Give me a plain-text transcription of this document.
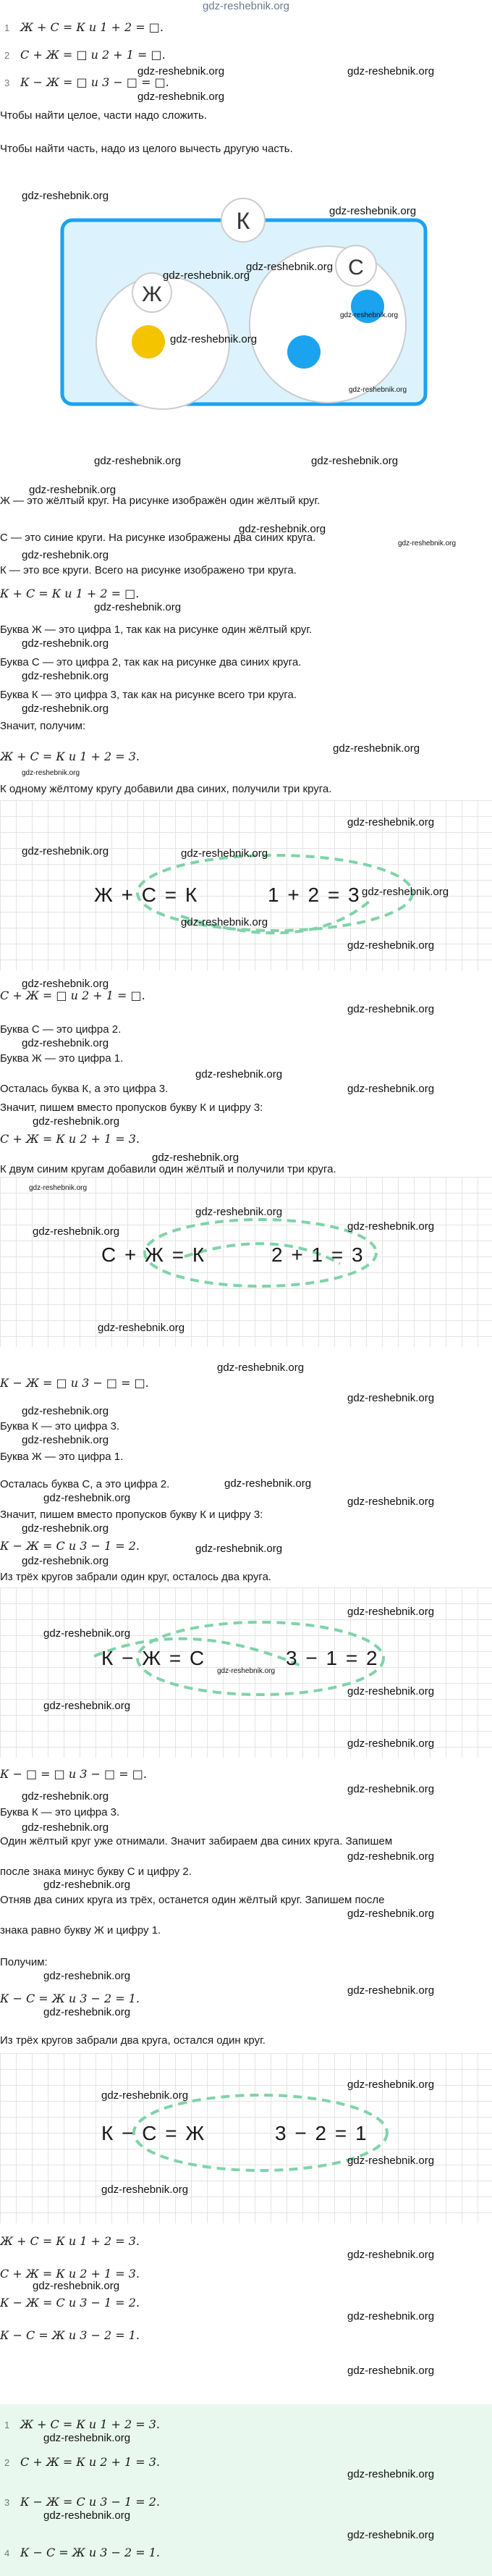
gdz-reshebnik.org
1 Ж + С = К и 1 + 2 = □.
2 С + Ж = □ и 2 + 1 = □.
3 К − Ж = □ и 3 − □ = □.
Чтобы найти целое, части надо сложить.
Чтобы найти часть, надо из целого вычесть другую часть.
gdz-reshebnik.org	gdz-reshebnik.org
gdz-reshebnik.org
gdz-reshebnik.org
gdz-reshebnik.org
К
Ж
С
gdz-reshebnik.org
gdz-reshebnik.org
gdz-reshebnik.org
gdz-reshebnik.org
gdz-reshebnik.org
gdz-reshebnik.org	gdz-reshebnik.org
gdz-reshebnik.org
Ж — это жёлтый круг. На рисунке изображён один жёлтый круг.
gdz-reshebnik.org
С — это синие круги. На рисунке изображены два синих круга.	gdz-reshebnik.org
gdz-reshebnik.org
К — это все круги. Всего на рисунке изображено три круга.
К + С = К и 1 + 2 = □.
gdz-reshebnik.org
Буква Ж — это цифра 1, так как на рисунке один жёлтый круг.
gdz-reshebnik.org
Буква С — это цифра 2, так как на рисунке два синих круга.
gdz-reshebnik.org
Буква К — это цифра 3, так как на рисунке всего три круга.
gdz-reshebnik.org
Значит, получим:
gdz-reshebnik.org
Ж + С = К и 1 + 2 = 3.
gdz-reshebnik.org
К одному жёлтому кругу добавили два синих, получили три круга.
gdz-reshebnik.org
gdz-reshebnik.org	gdz-reshebnik.org
Ж + С = К	1 + 2 = 3 gdz-reshebnik.org
gdz-reshebnik.org
gdz-reshebnik.org
gdz-reshebnik.org
С + Ж = □ и 2 + 1 = □.
gdz-reshebnik.org
Буква С — это цифра 2.
gdz-reshebnik.org
Буква Ж — это цифра 1.
gdz-reshebnik.org
Осталась буква К, а это цифра 3.	gdz-reshebnik.org
Значит, пишем вместо пропусков букву К и цифру 3:
gdz-reshebnik.org
С + Ж = К и 2 + 1 = 3.
gdz-reshebnik.org
К двум синим кругам добавили один жёлтый и получили три круга.
gdz-reshebnik.org
gdz-reshebnik.org
gdz-reshebnik.org	gdz-reshebnik.org
С + Ж = К	2 + 1 = 3
gdz-reshebnik.org
gdz-reshebnik.org
К − Ж = □ и 3 − □ = □.
gdz-reshebnik.org
gdz-reshebnik.org
Буква К — это цифра 3.
gdz-reshebnik.org
Буква Ж — это цифра 1.
Осталась буква С, а это цифра 2.	gdz-reshebnik.org
gdz-reshebnik.org	gdz-reshebnik.org
Значит, пишем вместо пропусков букву К и цифру 3:
gdz-reshebnik.org
К − Ж = С и 3 − 1 = 2.	gdz-reshebnik.org
gdz-reshebnik.org
Из трёх кругов забрали один круг, осталось два круга.
gdz-reshebnik.org
gdz-reshebnik.org
К − Ж = С	3 − 1 = 2
gdz-reshebnik.org
gdz-reshebnik.org
gdz-reshebnik.org
gdz-reshebnik.org
К − □ = □ и 3 − □ = □.
gdz-reshebnik.org
gdz-reshebnik.org
Буква К — это цифра 3.
gdz-reshebnik.org
Один жёлтый круг уже отнимали. Значит забираем два синих круга. Запишем
gdz-reshebnik.org
после знака минус букву С и цифру 2.
gdz-reshebnik.org
Отняв два синих круга из трёх, останется один жёлтый круг. Запишем после
gdz-reshebnik.org
знака равно букву Ж и цифру 1.
Получим:
gdz-reshebnik.org
gdz-reshebnik.org
К − С = Ж и 3 − 2 = 1.
gdz-reshebnik.org
Из трёх кругов забрали два круга, остался один круг.
gdz-reshebnik.org
gdz-reshebnik.org
К − С = Ж	3 − 2 = 1
gdz-reshebnik.org
gdz-reshebnik.org
Ж + С = К и 1 + 2 = 3.
gdz-reshebnik.org
С + Ж = К и 2 + 1 = 3.
gdz-reshebnik.org
К − Ж = С и 3 − 1 = 2.
gdz-reshebnik.org
К − С = Ж и 3 − 2 = 1.
gdz-reshebnik.org
1 Ж + С = К и 1 + 2 = 3.
gdz-reshebnik.org
2 С + Ж = К и 2 + 1 = 3.
gdz-reshebnik.org
3 К − Ж = С и 3 − 1 = 2.
gdz-reshebnik.org
gdz-reshebnik.org
4 К − С = Ж и 3 − 2 = 1.
